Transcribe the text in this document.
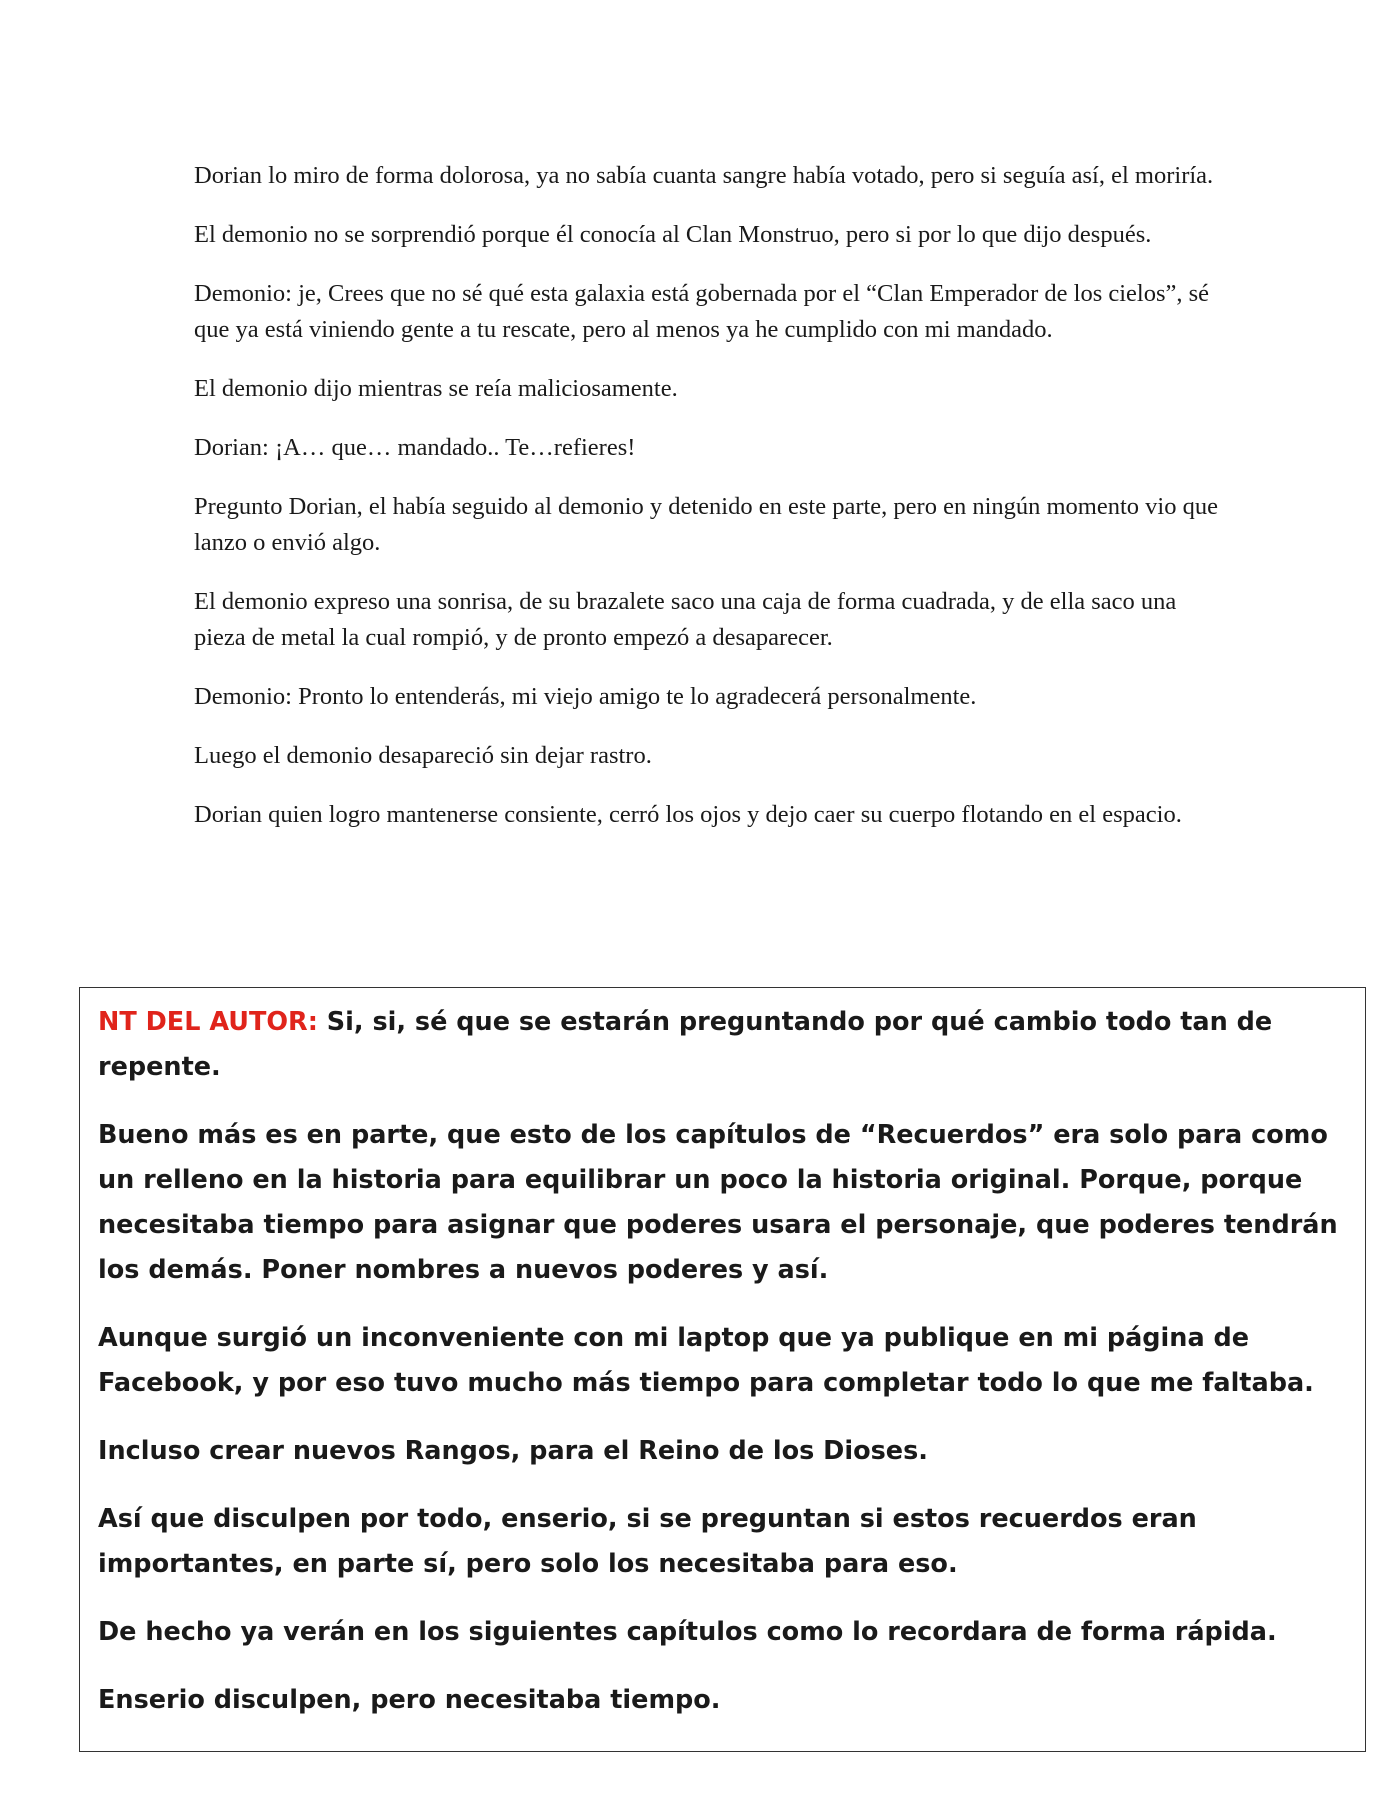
Dorian lo miro de forma dolorosa, ya no sabía cuanta sangre había votado, pero si seguía así, el moriría.

El demonio no se sorprendió porque él conocía al Clan Monstruo, pero si por lo que dijo después.

Demonio: je, Crees que no sé qué esta galaxia está gobernada por el “Clan Emperador de los cielos”, sé que ya está viniendo gente a tu rescate, pero al menos ya he cumplido con mi mandado.

El demonio dijo mientras se reía maliciosamente.

Dorian: ¡A… que… mandado.. Te…refieres!

Pregunto Dorian, el había seguido al demonio y detenido en este parte, pero en ningún momento vio que lanzo o envió algo.

El demonio expreso una sonrisa, de su brazalete saco una caja de forma cuadrada, y de ella saco una pieza de metal la cual rompió, y de pronto empezó a desaparecer.

Demonio: Pronto lo entenderás, mi viejo amigo te lo agradecerá personalmente.

Luego el demonio desapareció sin dejar rastro.

Dorian quien logro mantenerse consiente, cerró los ojos y dejo caer su cuerpo flotando en el espacio.

NT DEL AUTOR: Si, si, sé que se estarán preguntando por qué cambio todo tan de repente.

Bueno más es en parte, que esto de los capítulos de “Recuerdos” era solo para como un relleno en la historia para equilibrar un poco la historia original. Porque, porque necesitaba tiempo para asignar que poderes usara el personaje, que poderes tendrán los demás. Poner nombres a nuevos poderes y así.

Aunque surgió un inconveniente con mi laptop que ya publique en mi página de Facebook, y por eso tuvo mucho más tiempo para completar todo lo que me faltaba.

Incluso crear nuevos Rangos, para el Reino de los Dioses.

Así que disculpen por todo, enserio, si se preguntan si estos recuerdos eran importantes, en parte sí, pero solo los necesitaba para eso.

De hecho ya verán en los siguientes capítulos como lo recordara de forma rápida.

Enserio disculpen, pero necesitaba tiempo.
